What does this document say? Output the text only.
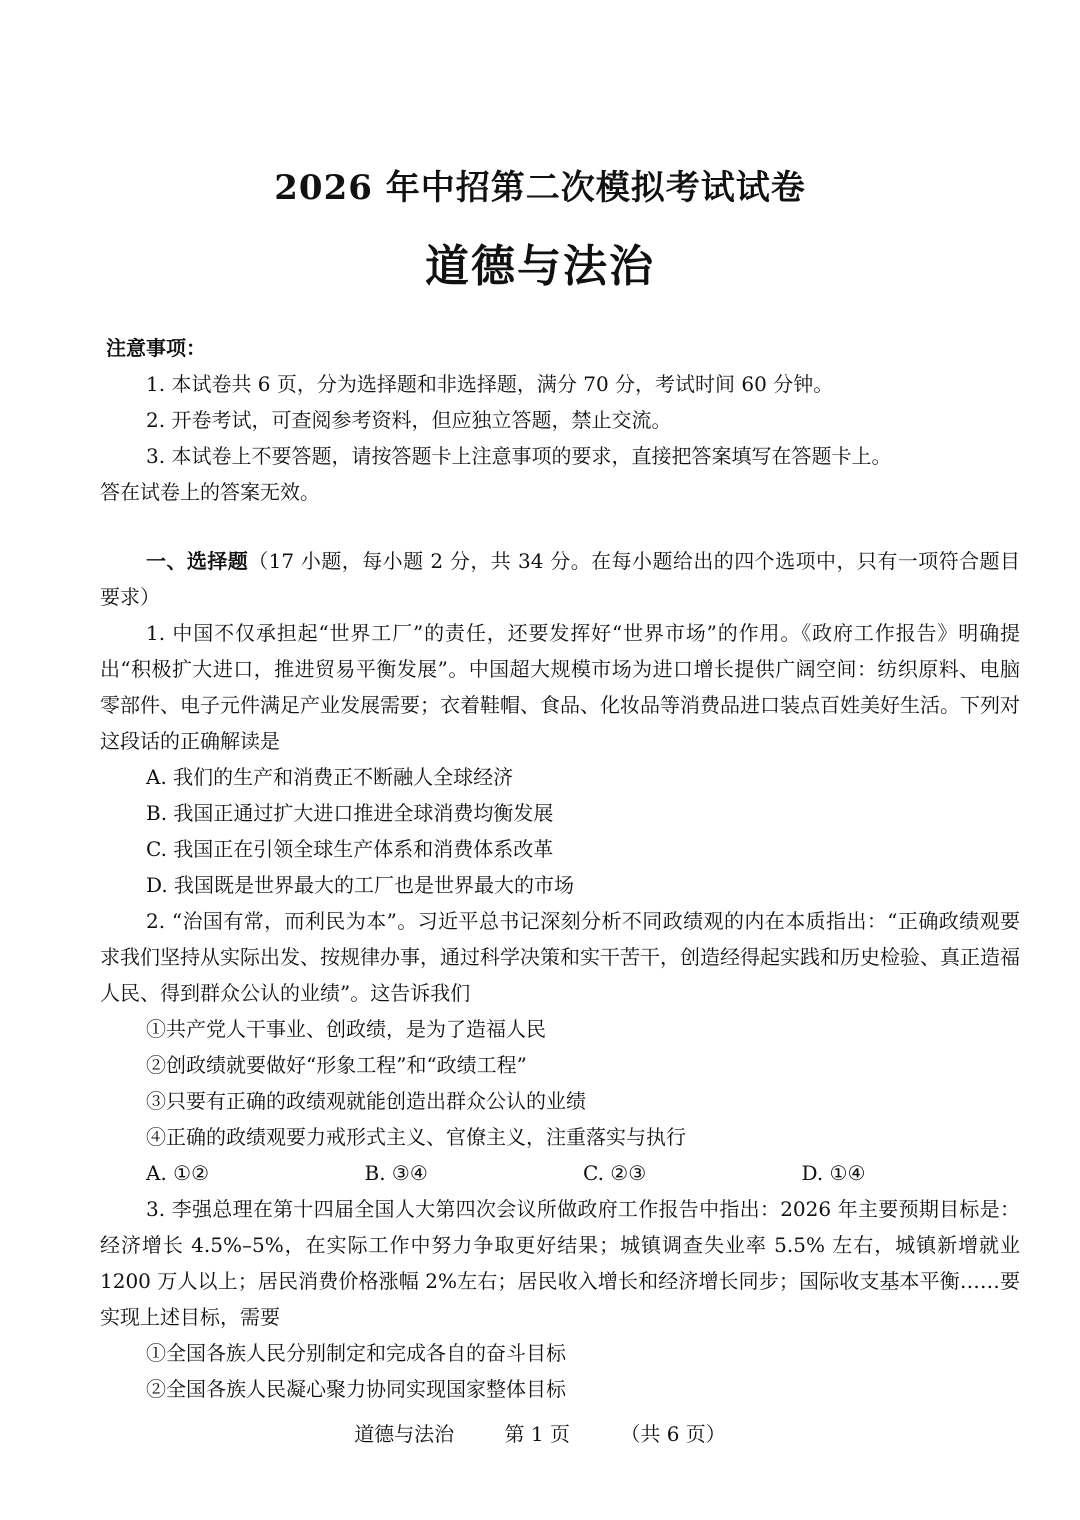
2026 年中招第二次模拟考试试卷
道德与法治
注意事项：

1. 本试卷共 6 页，分为选择题和非选择题，满分 70 分，考试时间 60 分钟。

2. 开卷考试，可查阅参考资料，但应独立答题，禁止交流。

3. 本试卷上不要答题，请按答题卡上注意事项的要求，直接把答案填写在答题卡上。

答在试卷上的答案无效。

一、选择题（17 小题，每小题 2 分，共 34 分。在每小题给出的四个选项中，只有一项符合题目要求）

1. 中国不仅承担起“世界工厂”的责任，还要发挥好“世界市场”的作用。《政府工作报告》明确提出“积极扩大进口，推进贸易平衡发展”。中国超大规模市场为进口增长提供广阔空间：纺织原料、电脑零部件、电子元件满足产业发展需要；衣着鞋帽、食品、化妆品等消费品进口装点百姓美好生活。下列对这段话的正确解读是

A. 我们的生产和消费正不断融人全球经济

B. 我国正通过扩大进口推进全球消费均衡发展

C. 我国正在引领全球生产体系和消费体系改革

D. 我国既是世界最大的工厂也是世界最大的市场

2. “治国有常，而利民为本”。习近平总书记深刻分析不同政绩观的内在本质指出：“正确政绩观要求我们坚持从实际出发、按规律办事，通过科学决策和实干苦干，创造经得起实践和历史检验、真正造福人民、得到群众公认的业绩”。这告诉我们

①共产党人干事业、创政绩，是为了造福人民

②创政绩就要做好“形象工程”和“政绩工程”

③只要有正确的政绩观就能创造出群众公认的业绩

④正确的政绩观要力戒形式主义、官僚主义，注重落实与执行

A. ①②	B. ③④	C. ②③	D. ①④

3. 李强总理在第十四届全国人大第四次会议所做政府工作报告中指出：2026 年主要预期目标是：经济增长 4.5%–5%，在实际工作中努力争取更好结果；城镇调查失业率 5.5% 左右，城镇新增就业 1200 万人以上；居民消费价格涨幅 2%左右；居民收入增长和经济增长同步；国际收支基本平衡……要实现上述目标，需要

①全国各族人民分别制定和完成各自的奋斗目标

②全国各族人民凝心聚力协同实现国家整体目标

道德与法治	第 1 页	（共 6 页）
